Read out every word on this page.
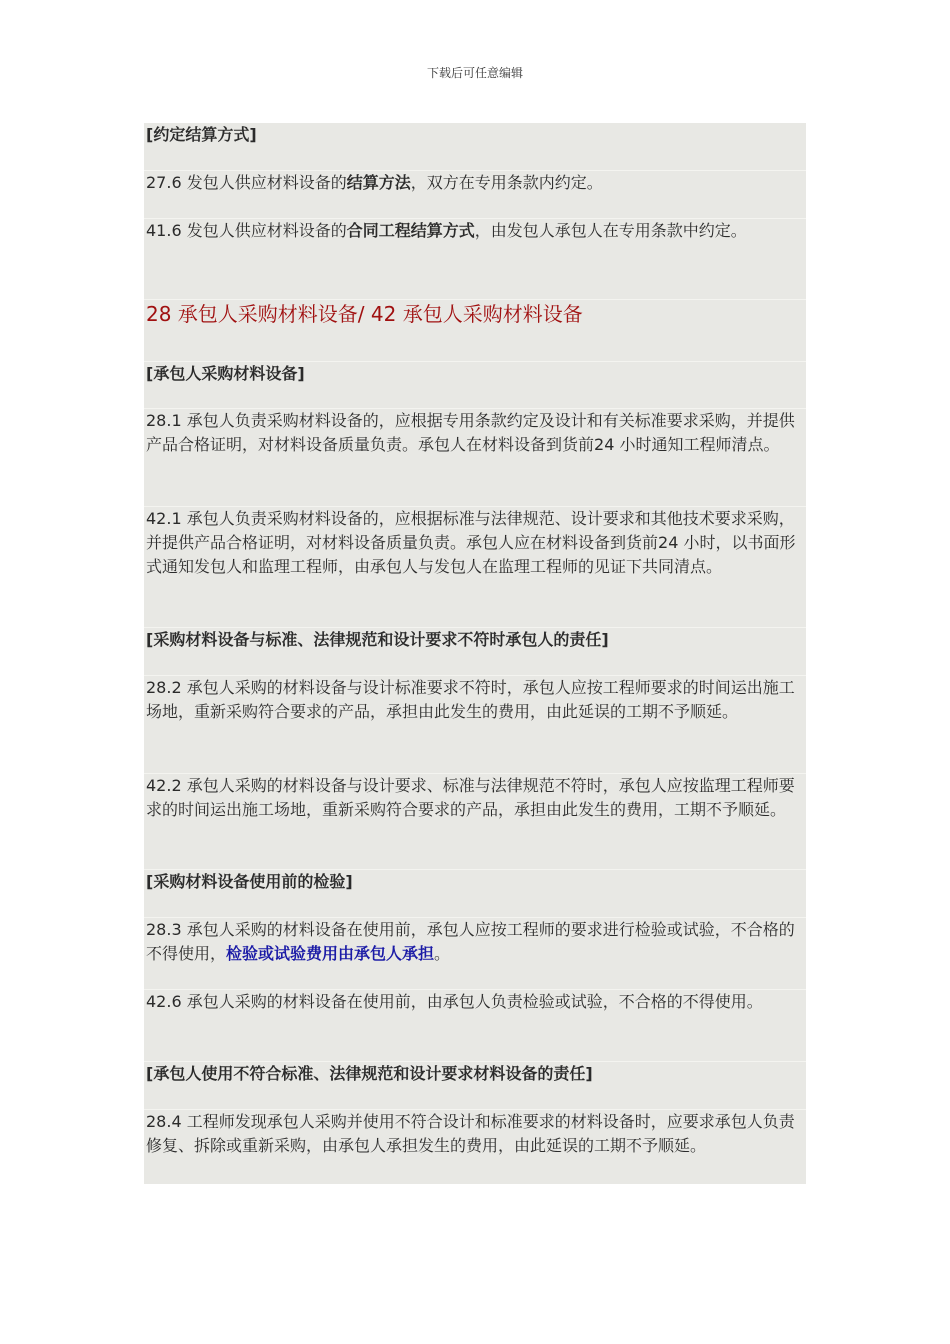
下载后可任意编辑
[约定结算方式]
27.6 发包人供应材料设备的结算方法，双方在专用条款内约定。
41.6 发包人供应材料设备的合同工程结算方式，由发包人承包人在专用条款中约定。
28 承包人采购材料设备/ 42 承包人采购材料设备
[承包人采购材料设备]
28.1 承包人负责采购材料设备的，应根据专用条款约定及设计和有关标准要求采购，并提供产品合格证明，对材料设备质量负责。承包人在材料设备到货前24 小时通知工程师清点。
42.1 承包人负责采购材料设备的，应根据标准与法律规范、设计要求和其他技术要求采购，并提供产品合格证明，对材料设备质量负责。承包人应在材料设备到货前24 小时，以书面形式通知发包人和监理工程师，由承包人与发包人在监理工程师的见证下共同清点。
[采购材料设备与标准、法律规范和设计要求不符时承包人的责任]
28.2 承包人采购的材料设备与设计标准要求不符时，承包人应按工程师要求的时间运出施工场地，重新采购符合要求的产品，承担由此发生的费用，由此延误的工期不予顺延。
42.2 承包人采购的材料设备与设计要求、标准与法律规范不符时，承包人应按监理工程师要求的时间运出施工场地，重新采购符合要求的产品，承担由此发生的费用，工期不予顺延。
[采购材料设备使用前的检验]
28.3 承包人采购的材料设备在使用前，承包人应按工程师的要求进行检验或试验，不合格的不得使用，检验或试验费用由承包人承担。
42.6 承包人采购的材料设备在使用前，由承包人负责检验或试验，不合格的不得使用。
[承包人使用不符合标准、法律规范和设计要求材料设备的责任]
28.4 工程师发现承包人采购并使用不符合设计和标准要求的材料设备时，应要求承包人负责修复、拆除或重新采购，由承包人承担发生的费用，由此延误的工期不予顺延。
